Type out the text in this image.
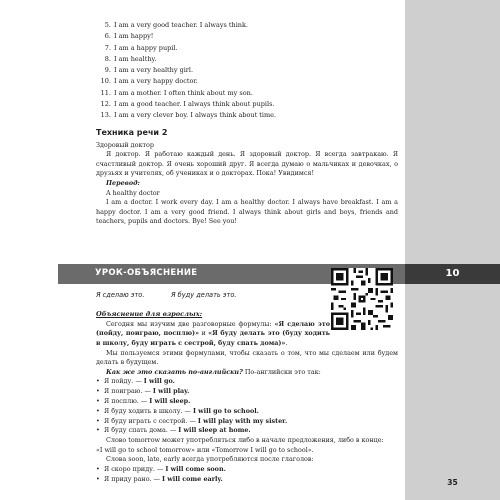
5. I am a very good teacher. I always think.
6. I am happy!
7. I am a happy pupil.
8. I am healthy.
9. I am a very healthy girl.
10. I am a very happy doctor.
11. I am a mother. I often think about my son.
12. I am a good teacher. I always think about pupils.
13. I am a very clever boy. I always think about time.
Техника речи 2
Здоровый доктор

Я доктор. Я работаю каждый день. Я здоровый доктор. Я всегда завтракаю. Я счастливый доктор. Я очень хороший друг. Я всегда думаю о мальчиках и девочках, о друзьях и учителях, об учениках и о докторах. Пока! Увидимся!

Перевод:
A healthy doctor

I am a doctor. I work every day. I am a healthy doctor. I always have breakfast. I am a happy doctor. I am a very good friend. I always think about girls and boys, friends and teachers, pupils and doctors. Bye! See you!

УРОК-ОБЪЯСНЕНИЕ	10
Я сделаю это.	Я буду делать это.
Объяснение для взрослых:

Сегодня мы изучим две разговорные формулы: «Я сделаю это (пойду, поиграю, посплю)» и «Я буду делать это (буду ходить в школу, буду играть с сестрой, буду спать дома)».

Мы пользуемся этими формулами, чтобы сказать о том, что мы сделаем или будем делать в будущем.

Как же это сказать по-английски? По-английски это так:

• Я пойду. — I will go.
• Я поиграю. — I will play.
• Я посплю. — I will sleep.
• Я буду ходить в школу. — I will go to school.
• Я буду играть с сестрой. — I will play with my sister.
• Я буду спать дома. — I will sleep at home.

Слово tomorrow может употребляться либо в начале предложения, либо в конце:

«I will go to school tomorrow» или «Tomorrow I will go to school».

Слова soon, late, early всегда употребляются после глаголов:

• Я скоро приду. — I will come soon.
• Я приду рано. — I will come early.	35
